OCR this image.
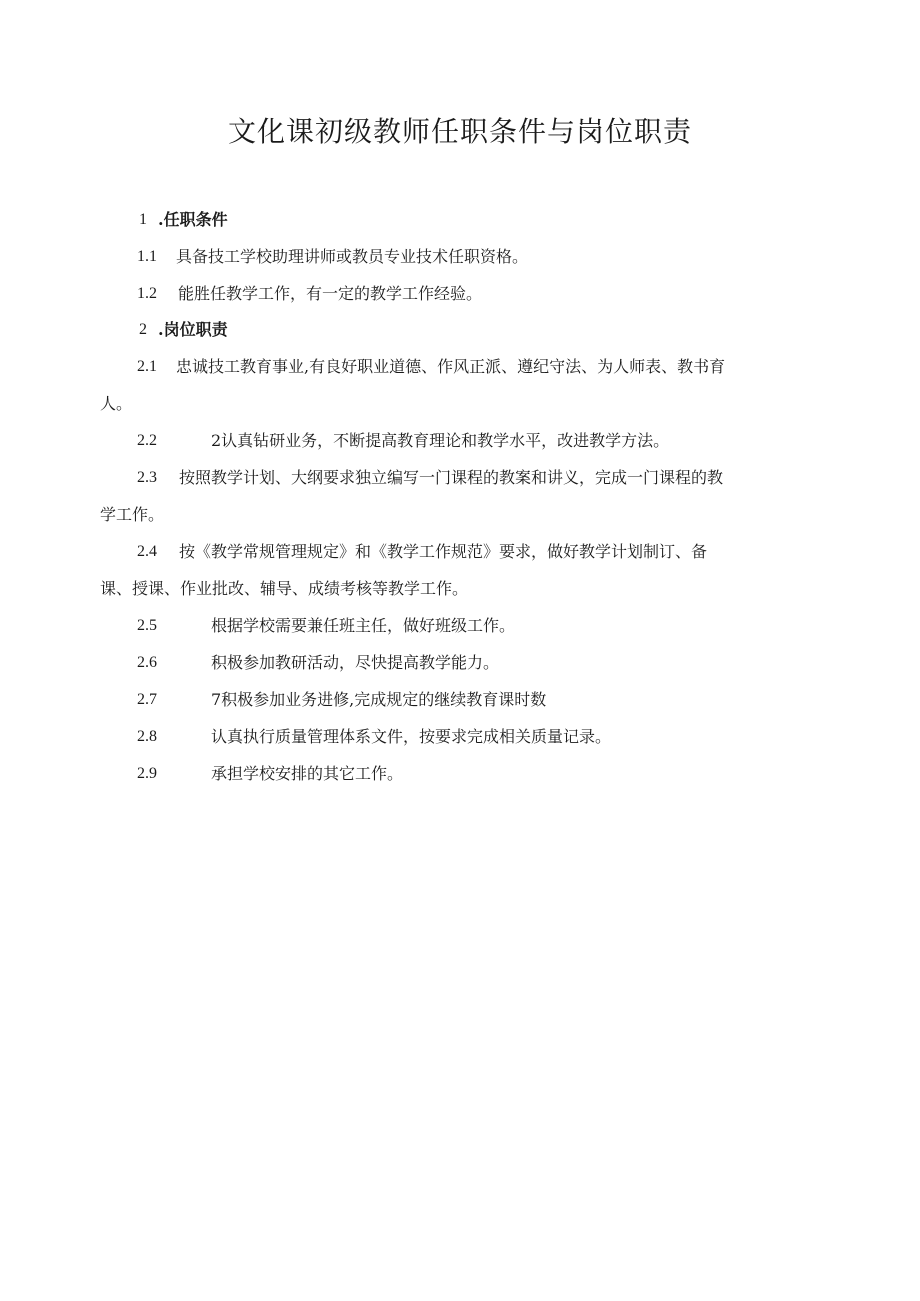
文化课初级教师任职条件与岗位职责
1 .任职条件
1.1 具备技工学校助理讲师或教员专业技术任职资格。
1.2 能胜任教学工作，有一定的教学工作经验。
2 .岗位职责
2.1 忠诚技工教育事业,有良好职业道德、作风正派、遵纪守法、为人师表、教书育
人。
2.2	2认真钻研业务，不断提高教育理论和教学水平，改进教学方法。
2.3 按照教学计划、大纲要求独立编写一门课程的教案和讲义，完成一门课程的教
学工作。
2.4 按《教学常规管理规定》和《教学工作规范》要求，做好教学计划制订、备
课、授课、作业批改、辅导、成绩考核等教学工作。
2.5	根据学校需要兼任班主任，做好班级工作。
2.6	积极参加教研活动，尽快提高教学能力。
2.7	7积极参加业务进修,完成规定的继续教育课时数
2.8	认真执行质量管理体系文件，按要求完成相关质量记录。
2.9	承担学校安排的其它工作。
